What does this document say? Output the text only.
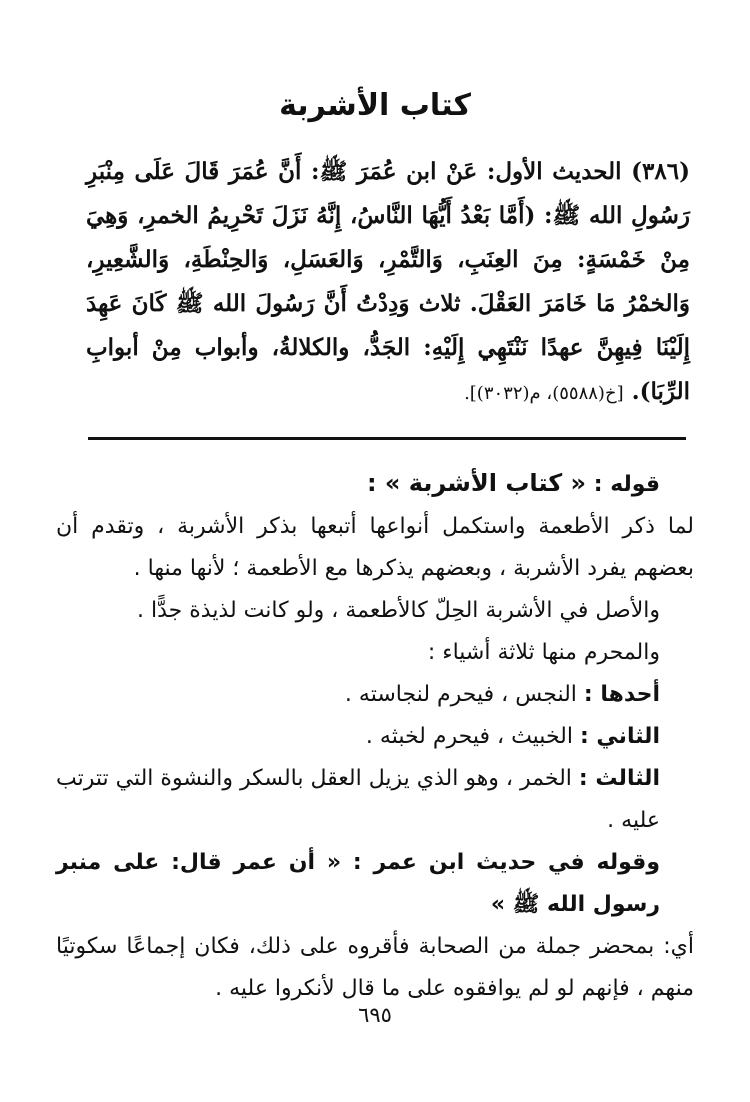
كتاب الأشربة
(٣٨٦) الحديث الأول: عَنْ ابن عُمَرَ ﷺ: أَنَّ عُمَرَ قَالَ عَلَى مِنْبَرِ رَسُولِ الله ﷺ: (أَمَّا بَعْدُ أَيُّهَا النَّاسُ، إِنَّهُ نَزَلَ تَحْرِيمُ الخمرِ، وَهِيَ مِنْ خَمْسَةٍ: مِنَ العِنَبِ، وَالتَّمْرِ، وَالعَسَلِ، وَالحِنْطَةِ، وَالشَّعِيرِ، وَالخمْرُ مَا خَامَرَ العَقْلَ. ثلاث وَدِدْتُ أَنَّ رَسُولَ الله ﷺ كَانَ عَهِدَ إِلَيْنَا فِيهِنَّ عهدًا نَنْتَهِي إِلَيْهِ: الجَدُّ، والكلالةُ، وأبواب مِنْ أبوابِ الرِّبَا). [خ(٥٥٨٨)، م(٣٠٣٢)].

قوله : « كتاب الأشربة » :

لما ذكر الأطعمة واستكمل أنواعها أتبعها بذكر الأشربة ، وتقدم أن بعضهم يفرد الأشربة ، وبعضهم يذكرها مع الأطعمة ؛ لأنها منها .

والأصل في الأشربة الحِلّ كالأطعمة ، ولو كانت لذيذة جدًّا .

والمحرم منها ثلاثة أشياء :

أحدها : النجس ، فيحرم لنجاسته .

الثاني : الخبيث ، فيحرم لخبثه .

الثالث : الخمر ، وهو الذي يزيل العقل بالسكر والنشوة التي تترتب عليه .

وقوله في حديث ابن عمر : « أن عمر قال: على منبر رسول الله ﷺ »

أي: بمحضر جملة من الصحابة فأقروه على ذلك، فكان إجماعًا سكوتيًا منهم ، فإنهم لو لم يوافقوه على ما قال لأنكروا عليه .

٦٩٥
